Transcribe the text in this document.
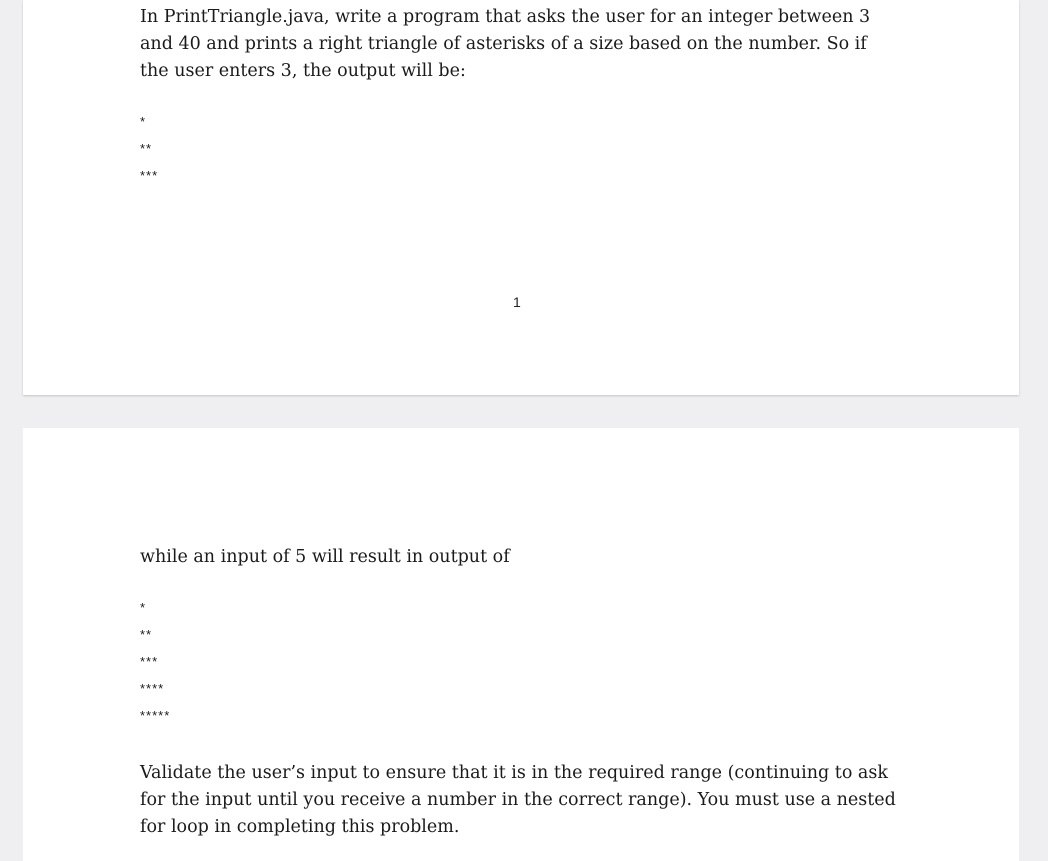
In PrintTriangle.java, write a program that asks the user for an integer between 3 and 40 and prints a right triangle of asterisks of a size based on the number. So if the user enters 3, the output will be:

*
**
***
1

while an input of 5 will result in output of

*
**
***
****
*****

Validate the user’s input to ensure that it is in the required range (continuing to ask for the input until you receive a number in the correct range). You must use a nested for loop in completing this problem.
